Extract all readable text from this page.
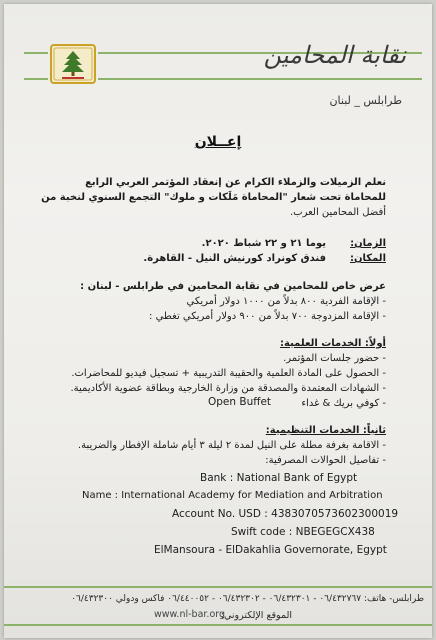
نقابة المحامين
طرابلس _ لبنان
إعــلان
نعلم الزميلات والزملاء الكرام عن إنعقاد المؤتمر العربي الرابع
للمحاماة تحت شعار "المحاماة مَلَكات و ملوك" التجمع السنوي لنخبة من
أفضل المحامين العرب.
الزمان:
يوما ٢١ و ٢٢ شباط ٢٠٢٠.
المكان:
فندق كونراد كورنيش النيل - القاهرة.
عرض خاص للمحامين في نقابة المحامين في طرابلس - لبنان :
- الإقامة الفردية ٨٠٠ بدلاً من ١٠٠٠ دولار أمريكي
- الإقامة المزدوجة ٧٠٠ بدلاً من ٩٠٠ دولار أمريكي تغطي :
أولاً: الخدمات العلمية:
- حضور جلسات المؤتمر.
- الحصول على المادة العلمية والحقيبة التدريبية + تسجيل فيديو للمحاضرات.
- الشهادات المعتمدة والمصدقة من وزارة الخارجية وبطاقة عضوية الأكاديمية.
- كوفي بريك & غداء
Open Buffet
ثانياً: الخدمات التنظيمية:
- الاقامة بغرفة مطلة على النيل لمدة ٢ ليلة ٣ أيام شاملة الإفطار والضريبة.
- تفاصيل الحوالات المصرفية:
Bank : National Bank of Egypt
Name : International Academy for Mediation and Arbitration
Account No. USD : 4383070573602300019
Swift code : NBEGEGCX438
ElMansoura - ElDakahlia Governorate, Egypt
طرابلس- هاتف: ٠٦/٤٣٢٧٦٧ - ٠٦/٤٣٢٣٠١ - ٠٦/٤٣٢٣٠٢ - ٠٦/٤٤٠٠٥٢ فاكس ودولي ٠٦/٤٣٢٣٠٠
الموقع الإلكتروني:
www.nl-bar.org
